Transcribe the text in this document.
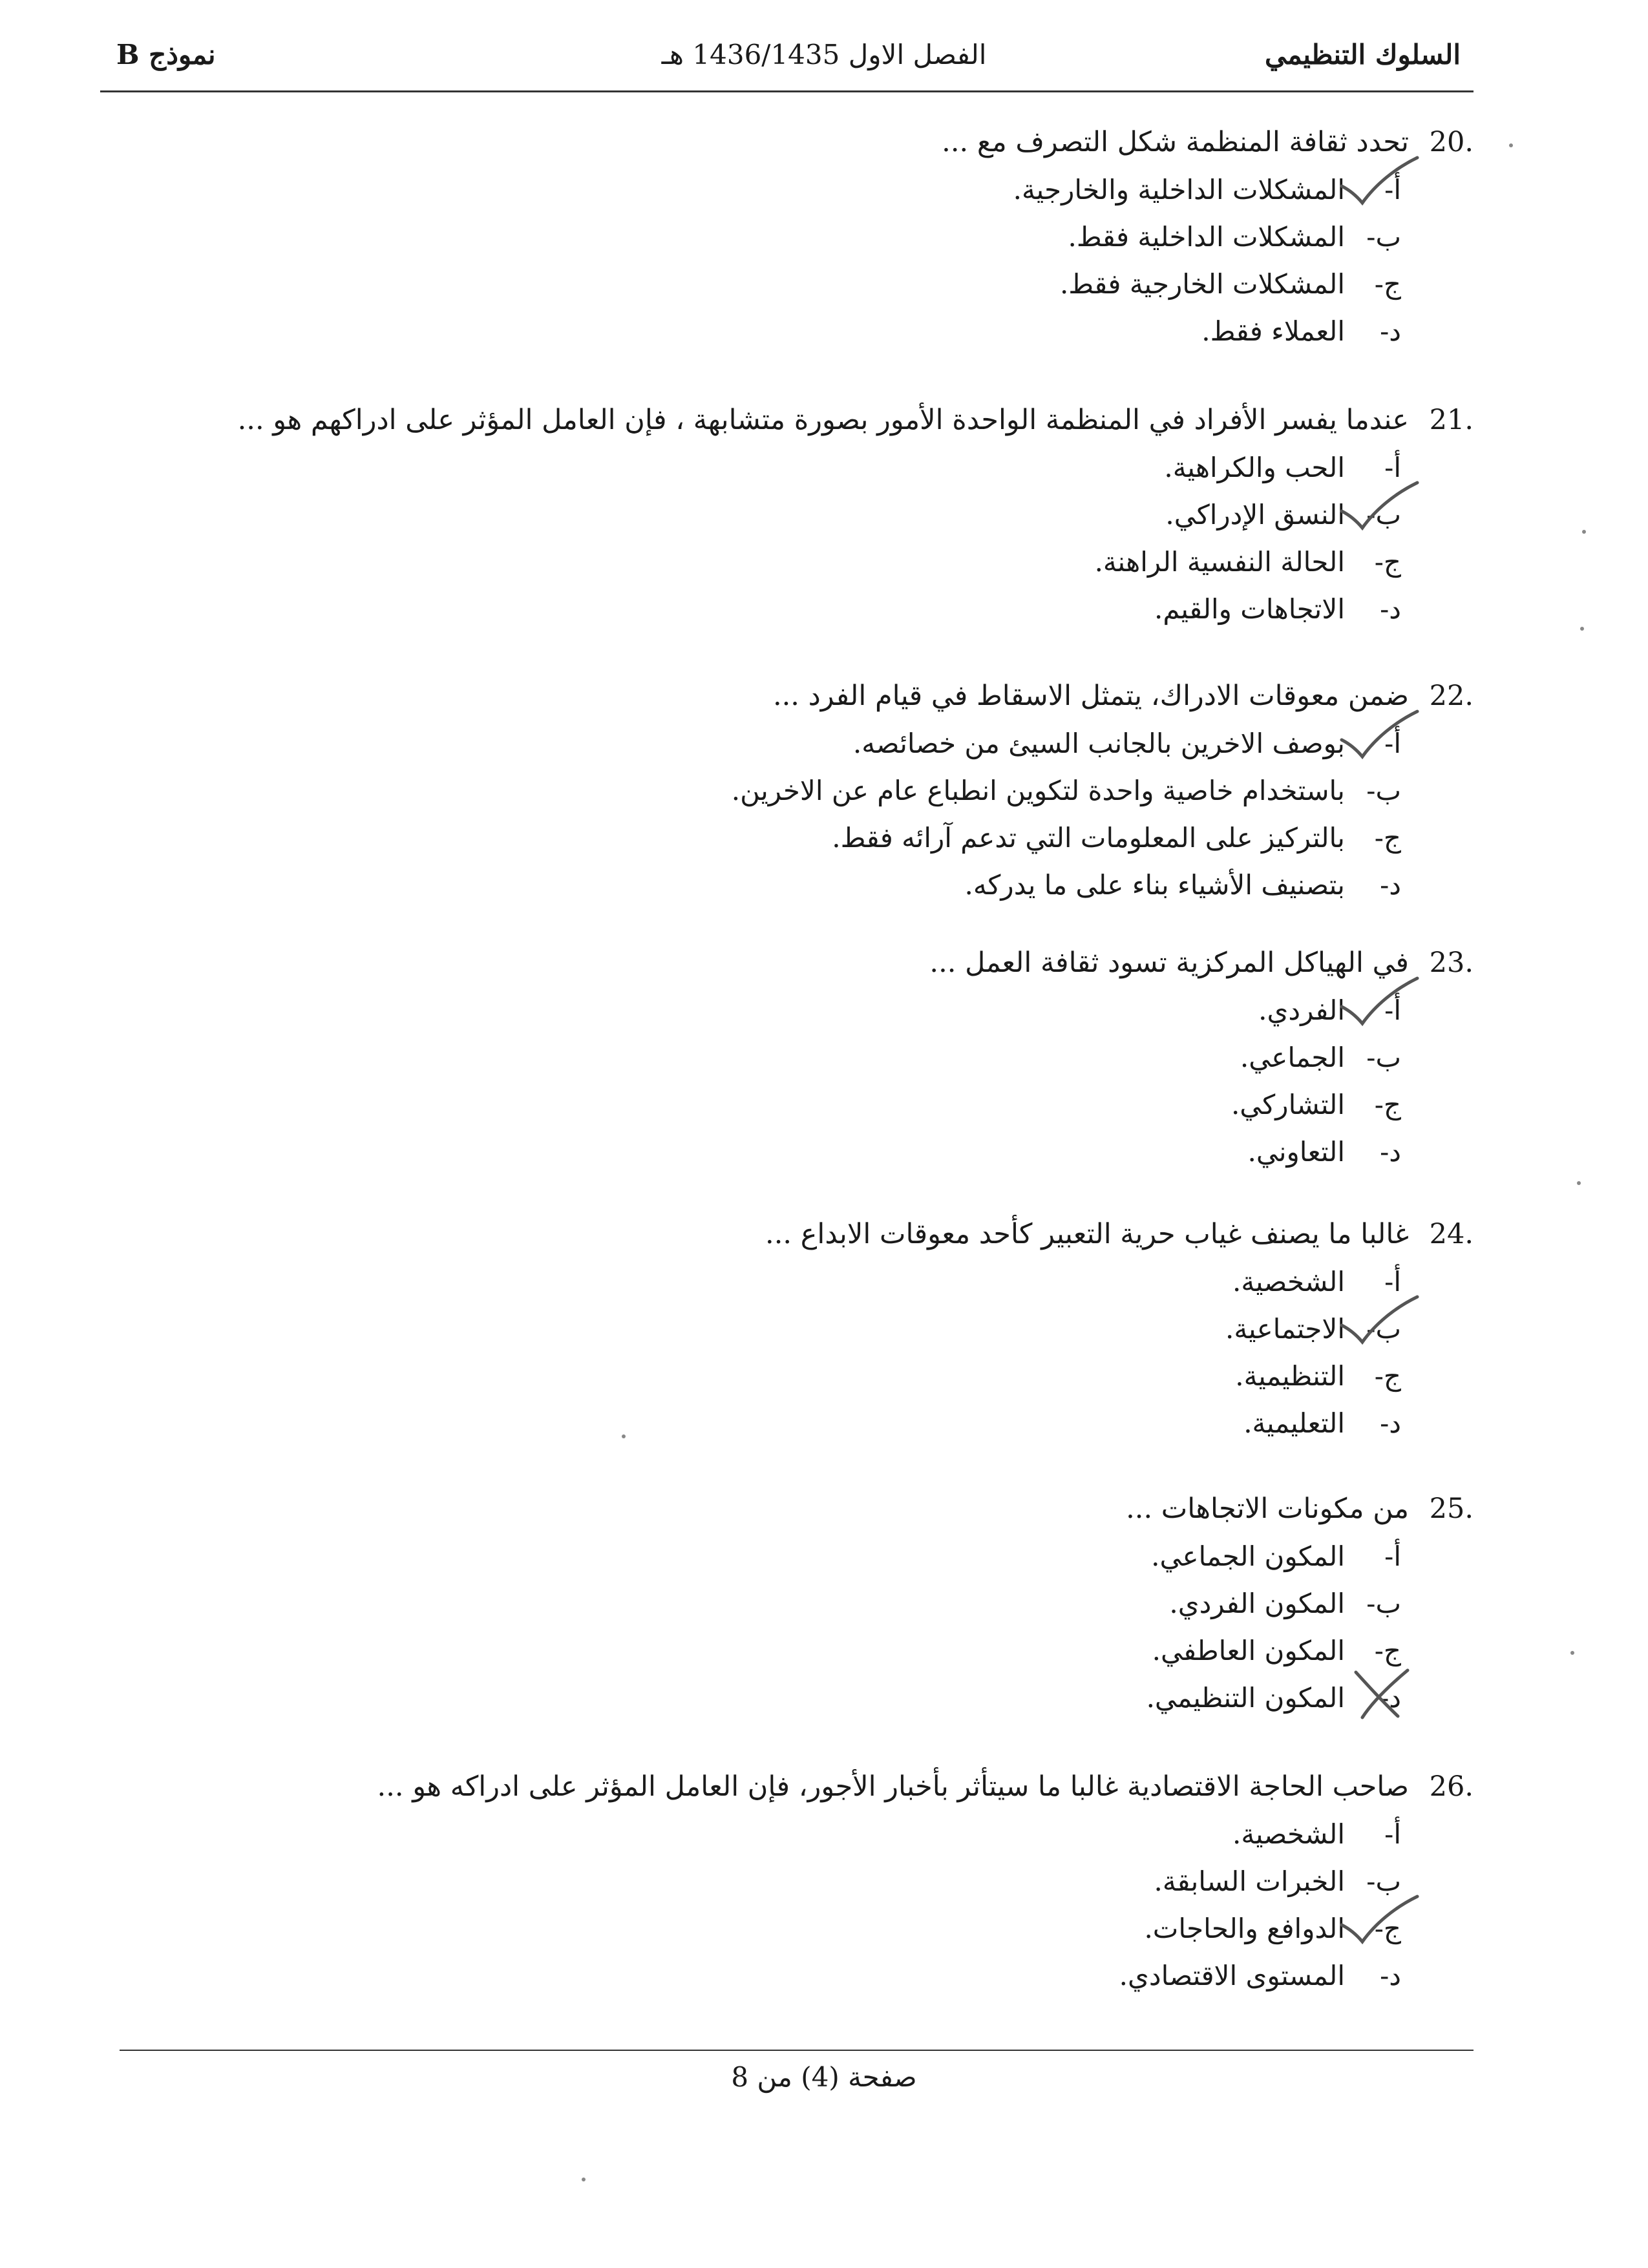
السلوك التنظيمي
الفصل الاول 1436/1435 هـ
نموذج B
20.
تحدد ثقافة المنظمة شكل التصرف مع ...
أ-
المشكلات الداخلية والخارجية.
ب-
المشكلات الداخلية فقط.
ج-
المشكلات الخارجية فقط.
د-
العملاء فقط.
21.
عندما يفسر الأفراد في المنظمة الواحدة الأمور بصورة متشابهة ، فإن العامل المؤثر على ادراكهم هو ...
أ-
الحب والكراهية.
ب-
النسق الإدراكي.
ج-
الحالة النفسية الراهنة.
د-
الاتجاهات والقيم.
22.
ضمن معوقات الادراك، يتمثل الاسقاط في قيام الفرد ...
أ-
بوصف الاخرين بالجانب السيئ من خصائصه.
ب-
باستخدام خاصية واحدة لتكوين انطباع عام عن الاخرين.
ج-
بالتركيز على المعلومات التي تدعم آرائه فقط.
د-
بتصنيف الأشياء بناء على ما يدركه.
23.
في الهياكل المركزية تسود ثقافة العمل ...
أ-
الفردي.
ب-
الجماعي.
ج-
التشاركي.
د-
التعاوني.
24.
غالبا ما يصنف غياب حرية التعبير كأحد معوقات الابداع ...
أ-
الشخصية.
ب-
الاجتماعية.
ج-
التنظيمية.
د-
التعليمية.
25.
من مكونات الاتجاهات ...
أ-
المكون الجماعي.
ب-
المكون الفردي.
ج-
المكون العاطفي.
د-
المكون التنظيمي.
26.
صاحب الحاجة الاقتصادية غالبا ما سيتأثر بأخبار الأجور، فإن العامل المؤثر على ادراكه هو ...
أ-
الشخصية.
ب-
الخبرات السابقة.
ج-
الدوافع والحاجات.
د-
المستوى الاقتصادي.
صفحة (4) من 8
